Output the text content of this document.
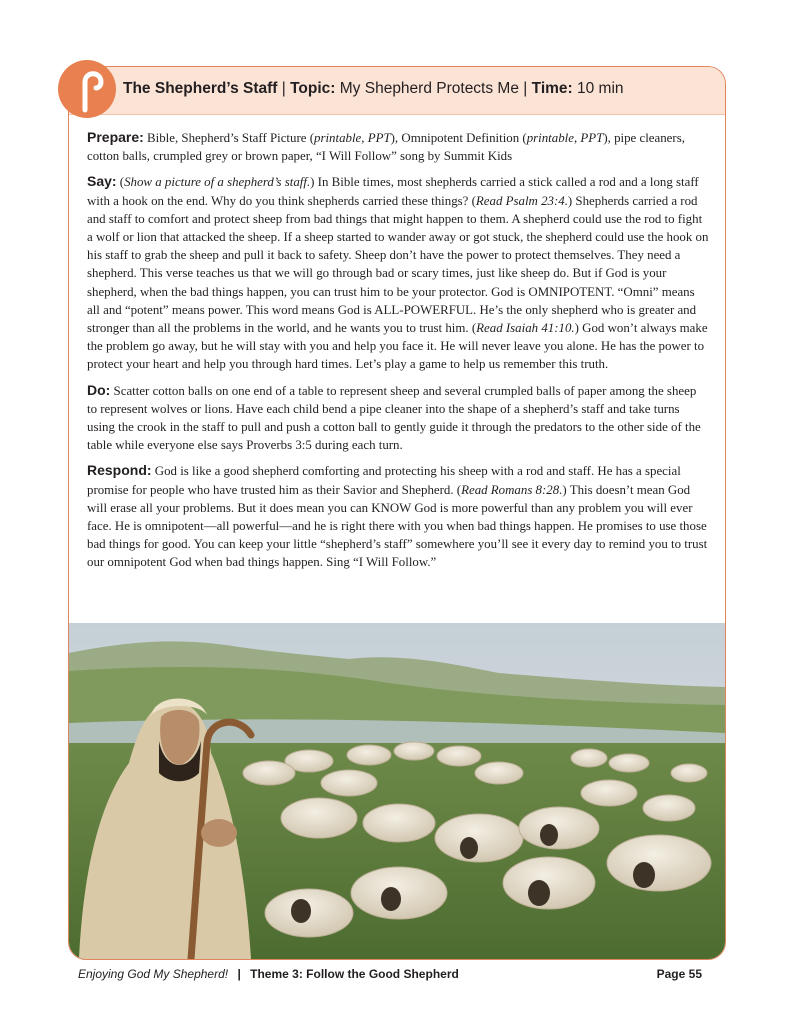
The Shepherd’s Staff | Topic: My Shepherd Protects Me | Time: 10 min

Prepare: Bible, Shepherd’s Staff Picture (printable, PPT), Omnipotent Definition (printable, PPT), pipe cleaners, cotton balls, crumpled grey or brown paper, “I Will Follow” song by Summit Kids

Say: (Show a picture of a shepherd’s staff.) In Bible times, most shepherds carried a stick called a rod and a long staff with a hook on the end. Why do you think shepherds carried these things? (Read Psalm 23:4.) Shepherds carried a rod and staff to comfort and protect sheep from bad things that might happen to them. A shepherd could use the rod to fight a wolf or lion that attacked the sheep. If a sheep started to wander away or got stuck, the shepherd could use the hook on his staff to grab the sheep and pull it back to safety. Sheep don’t have the power to protect themselves. They need a shepherd. This verse teaches us that we will go through bad or scary times, just like sheep do. But if God is your shepherd, when the bad things happen, you can trust him to be your protector. God is OMNIPOTENT. “Omni” means all and “potent” means power. This word means God is ALL-POWERFUL. He’s the only shepherd who is greater and stronger than all the problems in the world, and he wants you to trust him. (Read Isaiah 41:10.) God won’t always make the problem go away, but he will stay with you and help you face it. He will never leave you alone. He has the power to protect your heart and help you through hard times. Let’s play a game to help us remember this truth.

Do: Scatter cotton balls on one end of a table to represent sheep and several crumpled balls of paper among the sheep to represent wolves or lions. Have each child bend a pipe cleaner into the shape of a shepherd’s staff and take turns using the crook in the staff to pull and push a cotton ball to gently guide it through the predators to the other side of the table while everyone else says Proverbs 3:5 during each turn.

Respond: God is like a good shepherd comforting and protecting his sheep with a rod and staff. He has a special promise for people who have trusted him as their Savior and Shepherd. (Read Romans 8:28.) This doesn’t mean God will erase all your problems. But it does mean you can KNOW God is more powerful than any problem you will ever face. He is omnipotent—all powerful—and he is right there with you when bad things happen. He promises to use those bad things for good. You can keep your little “shepherd’s staff” somewhere you’ll see it every day to remind you to trust our omnipotent God when bad things happen. Sing “I Will Follow.”

Enjoying God My Shepherd! | Theme 3: Follow the Good Shepherd	Page 55
